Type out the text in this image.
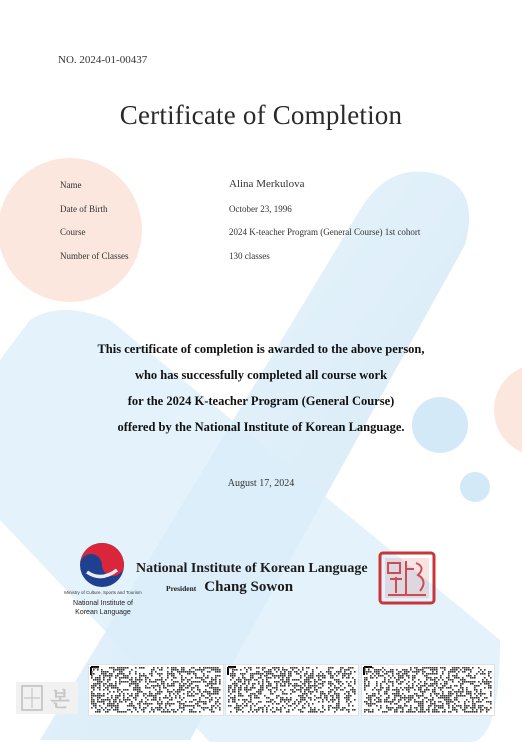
NO. 2024-01-00437
Certificate of Completion
Name	Alina Merkulova
Date of Birth	October 23, 1996
Course	2024 K-teacher Program (General Course) 1st cohort
Number of Classes	130 classes
This certificate of completion is awarded to the above person,
who has successfully completed all course work
for the 2024 K-teacher Program (General Course)
offered by the National Institute of Korean Language.
August 17, 2024
Ministry of Culture, Sports and Tourism
National Institute of
Korean Language
National Institute of Korean Language
President Chang Sowon
본
